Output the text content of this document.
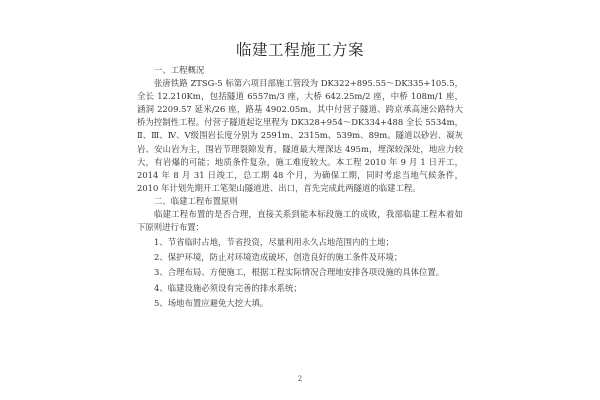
临建工程施工方案

一、工程概况

张唐铁路 ZTSG-5 标第六项目部施工管段为 DK322+895.55～DK335+105.5，全长 12.210Km，包括隧道 6557m/3 座，大桥 642.25m/2 座，中桥 108m/1 座，涵洞 2209.57 延米/26 座，路基 4902.05m。其中付营子隧道、跨京承高速公路特大桥为控制性工程。付营子隧道起讫里程为 DK328+954～DK334+488 全长 5534m，Ⅱ、Ⅲ、Ⅳ、Ⅴ级围岩长度分别为 2591m、2315m、539m、89m。隧道以砂岩、凝灰岩、安山岩为主，围岩节理裂隙发育，隧道最大埋深达 495m，埋深较深处，地应力较大，有岩爆的可能；地质条件复杂，施工难度较大。本工程 2010 年 9 月 1 日开工，2014 年 8 月 31 日竣工，总工期 48 个月，为确保工期，同时考虑当地气候条件，2010 年计划先期开工笔架山隧道进、出口，首先完成此两隧道的临建工程。

二、临建工程布置原则

临建工程布置的是否合理，直接关系到能本标段施工的成败，我部临建工程本着如下原则进行布置：

1、节省临时占地，节省投资，尽量利用永久占地范围内的土地；

2、保护环境，防止对环境造成破坏，创造良好的施工条件及环境；

3、合理布局、方便施工，根据工程实际情况合理地安排各项设施的具体位置。

4、临建设施必须设有完善的排水系统；

5、场地布置应避免大挖大填。

2
